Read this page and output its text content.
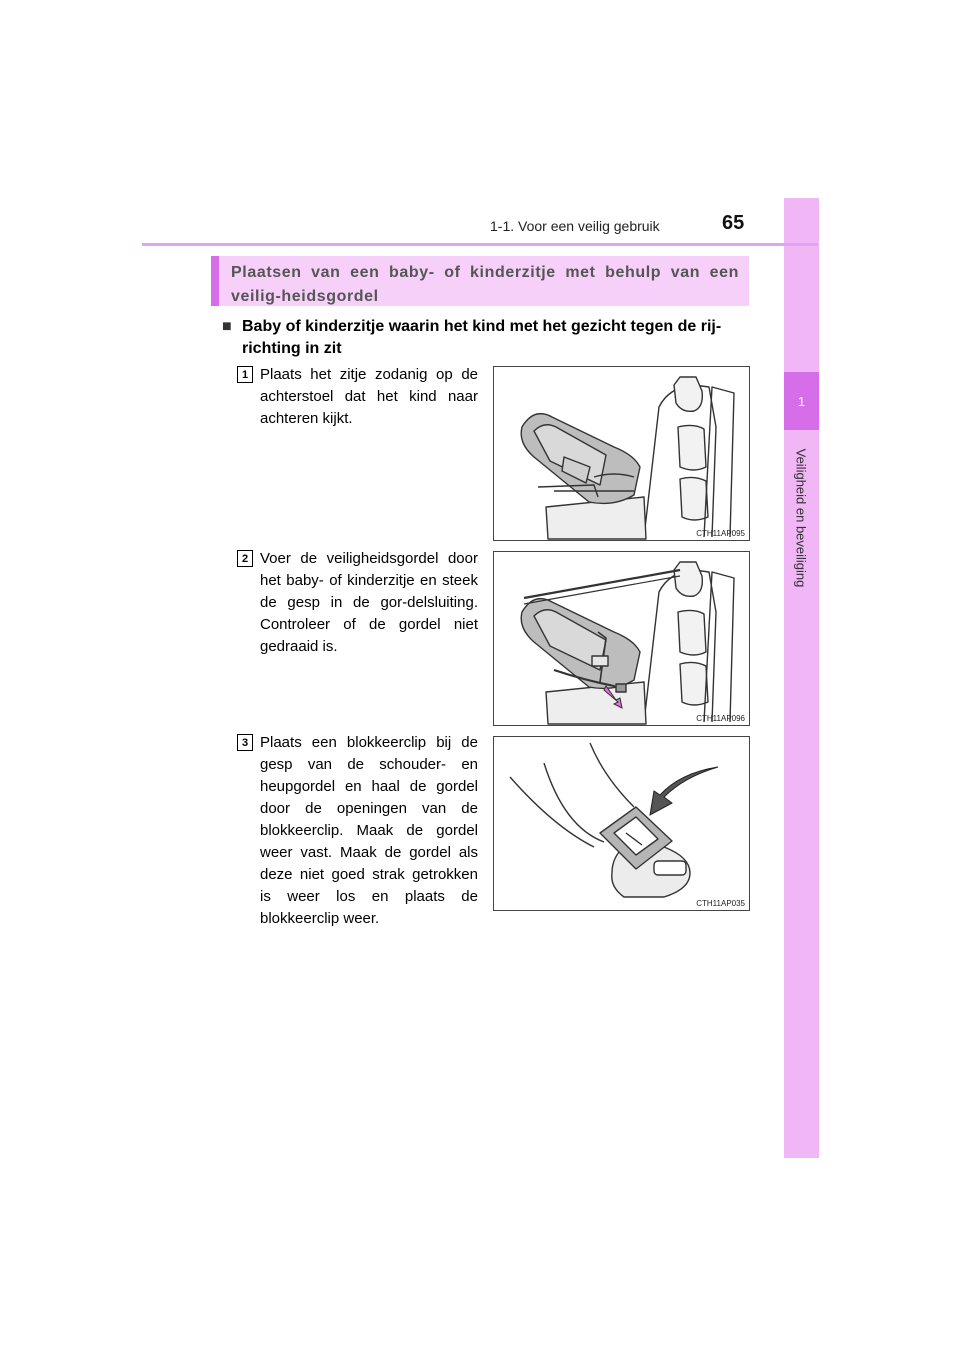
1
Veiligheid en beveiliging
1-1. Voor een veilig gebruik	65
Plaatsen van een baby- of kinderzitje met behulp van een veilig-heidsgordel
■ Baby of kinderzitje waarin het kind met het gezicht tegen de rij-richting in zit
1 Plaats het zitje zodanig op de achterstoel dat het kind naar achteren kijkt.
CTH11AP095
2 Voer de veiligheidsgordel door het baby- of kinderzitje en steek de gesp in de gor-delsluiting. Controleer of de gordel niet gedraaid is.
CTH11AP096
3 Plaats een blokkeerclip bij de gesp van de schouder- en heupgordel en haal de gordel door de openingen van de blokkeerclip. Maak de gordel weer vast. Maak de gordel als deze niet goed strak getrokken is weer los en plaats de blokkeerclip weer.
CTH11AP035
